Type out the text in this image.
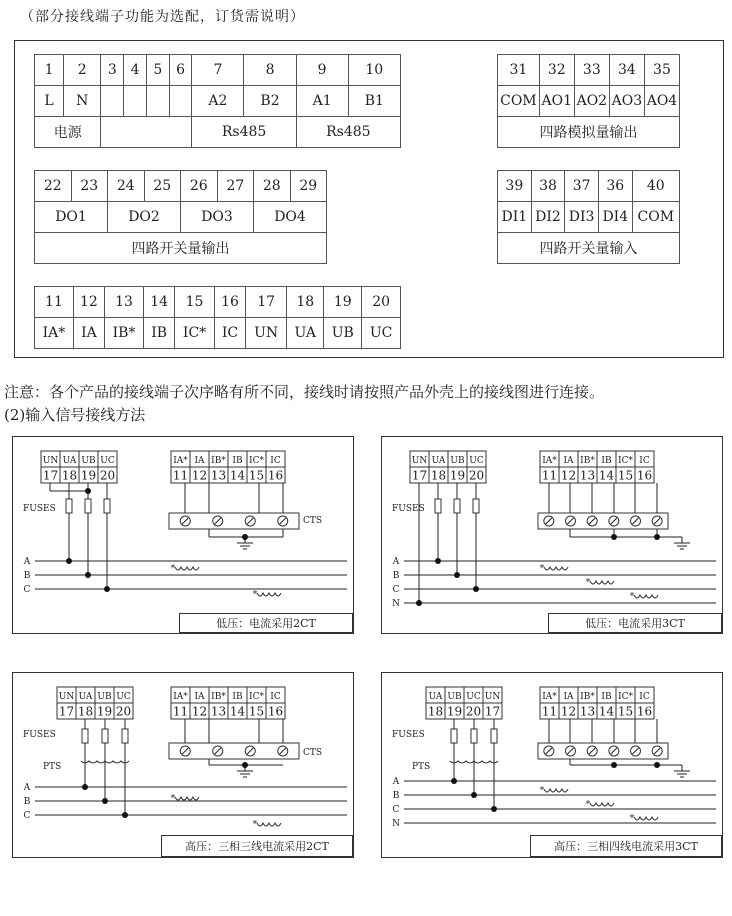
（部分接线端子功能为选配，订货需说明）
1	2	3	4	5	6	7	8	9	10
L	N					A2	B2	A1	B1
电源						Rs485		Rs485	
31	32	33	34	35
COM	AO1	AO2	AO3	AO4
四路模拟量输出				
22	23	24	25	26	27	28	29
DO1		DO2		DO3		DO4	
四路开关量输出							
39	38	37	36	40
DI1	DI2	DI3	DI4	COM
四路开关量输入				
11	12	13	14	15	16	17	18	19	20
IA*	IA	IB*	IB	IC*	IC	UN	UA	UB	UC
注意：各个产品的接线端子次序略有所不同，接线时请按照产品外壳上的接线图进行连接。
(2)输入信号接线方法
UN
17
UA
18
UB
19
UC
20
IA*
11
IA
12
IB*
13
IB
14
IC*
15
IC
16
FUSES
CTS
A
B
C
*
*
低压：电流采用2CT
UN
17
UA
18
UB
19
UC
20
IA*
11
IA
12
IB*
13
IB
14
IC*
15
IC
16
FUSES
A
B
C
N
*
*
*
低压：电流采用3CT
UN
17
UA
18
UB
19
UC
20
IA*
11
IA
12
IB*
13
IB
14
IC*
15
IC
16
FUSES
PTS
CTS
A
B
C
*
*
高压：三相三线电流采用2CT
UA
18
UB
19
UC
20
UN
17
IA*
11
IA
12
IB*
13
IB
14
IC*
15
IC
16
FUSES
PTS
A
B
C
N
*
*
*
高压：三相四线电流采用3CT
